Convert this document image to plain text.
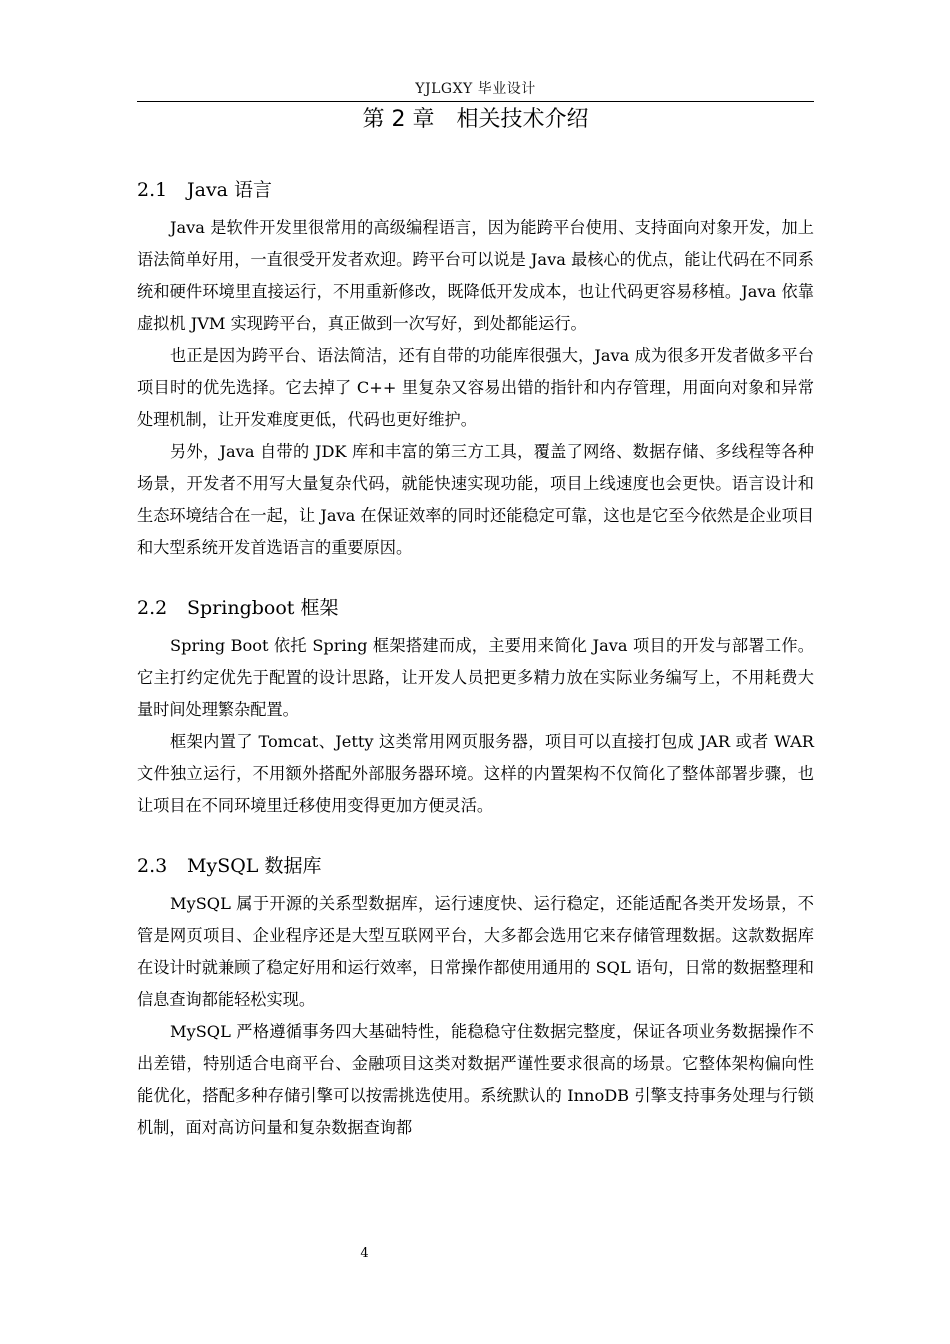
YJLGXY 毕业设计
第 2 章　相关技术介绍
2.1 Java 语言

Java 是软件开发里很常用的高级编程语言，因为能跨平台使用、支持面向对象开发，加上语法简单好用，一直很受开发者欢迎。跨平台可以说是 Java 最核心的优点，能让代码在不同系统和硬件环境里直接运行，不用重新修改，既降低开发成本，也让代码更容易移植。Java 依靠虚拟机 JVM 实现跨平台，真正做到一次写好，到处都能运行。

也正是因为跨平台、语法简洁，还有自带的功能库很强大，Java 成为很多开发者做多平台项目时的优先选择。它去掉了 C++ 里复杂又容易出错的指针和内存管理，用面向对象和异常处理机制，让开发难度更低，代码也更好维护。

另外，Java 自带的 JDK 库和丰富的第三方工具，覆盖了网络、数据存储、多线程等各种场景，开发者不用写大量复杂代码，就能快速实现功能，项目上线速度也会更快。语言设计和生态环境结合在一起，让 Java 在保证效率的同时还能稳定可靠，这也是它至今依然是企业项目和大型系统开发首选语言的重要原因。

2.2 Springboot 框架

Spring Boot 依托 Spring 框架搭建而成，主要用来简化 Java 项目的开发与部署工作。它主打约定优先于配置的设计思路，让开发人员把更多精力放在实际业务编写上，不用耗费大量时间处理繁杂配置。

框架内置了 Tomcat、Jetty 这类常用网页服务器，项目可以直接打包成 JAR 或者 WAR 文件独立运行，不用额外搭配外部服务器环境。这样的内置架构不仅简化了整体部署步骤，也让项目在不同环境里迁移使用变得更加方便灵活。

2.3 MySQL 数据库

MySQL 属于开源的关系型数据库，运行速度快、运行稳定，还能适配各类开发场景，不管是网页项目、企业程序还是大型互联网平台，大多都会选用它来存储管理数据。这款数据库在设计时就兼顾了稳定好用和运行效率，日常操作都使用通用的 SQL 语句，日常的数据整理和信息查询都能轻松实现。

MySQL 严格遵循事务四大基础特性，能稳稳守住数据完整度，保证各项业务数据操作不出差错，特别适合电商平台、金融项目这类对数据严谨性要求很高的场景。它整体架构偏向性能优化，搭配多种存储引擎可以按需挑选使用。系统默认的 InnoDB 引擎支持事务处理与行锁机制，面对高访问量和复杂数据查询都

4
